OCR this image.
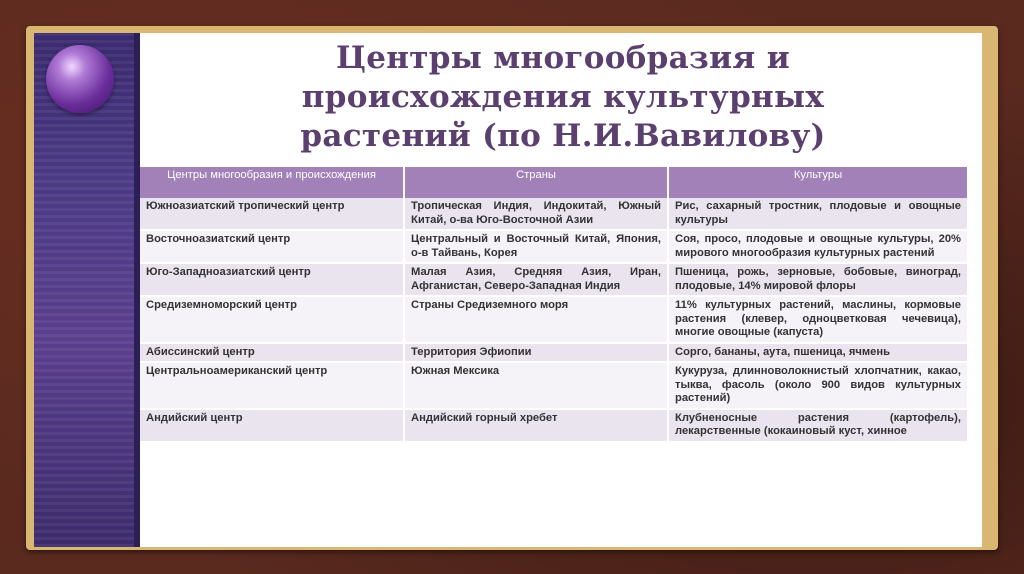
Центры многообразия и
происхождения культурных
растений (по Н.И.Вавилову)
Центры многообразия и происхождения	Страны	Культуры
Южноазиатский тропический центр	Тропическая Индия, Индокитай, Южный Китай, о-ва Юго-Восточной Азии	Рис, сахарный тростник, плодовые и овощные культуры
Восточноазиатский центр	Центральный и Восточный Китай, Япония, о-в Тайвань, Корея	Соя, просо, плодовые и овощные культуры, 20% мирового многообразия культурных растений
Юго-Западноазиатский центр	Малая Азия, Средняя Азия, Иран, Афганистан, Северо-Западная Индия	Пшеница, рожь, зерновые, бобовые, виноград, плодовые, 14% мировой флоры
Средиземноморский центр	Страны Средиземного моря	11% культурных растений, маслины, кормовые растения (клевер, одноцветковая чечевица), многие овощные (капуста)
Абиссинский центр	Территория Эфиопии	Сорго, бананы, аута, пшеница, ячмень
Центральноамериканский центр	Южная Мексика	Кукуруза, длинноволокнистый хлопчатник, какао, тыква, фасоль (около 900 видов культурных растений)
Андийский центр	Андийский горный хребет	Клубненосные растения (картофель), лекарственные (кокаиновый куст, хинное
